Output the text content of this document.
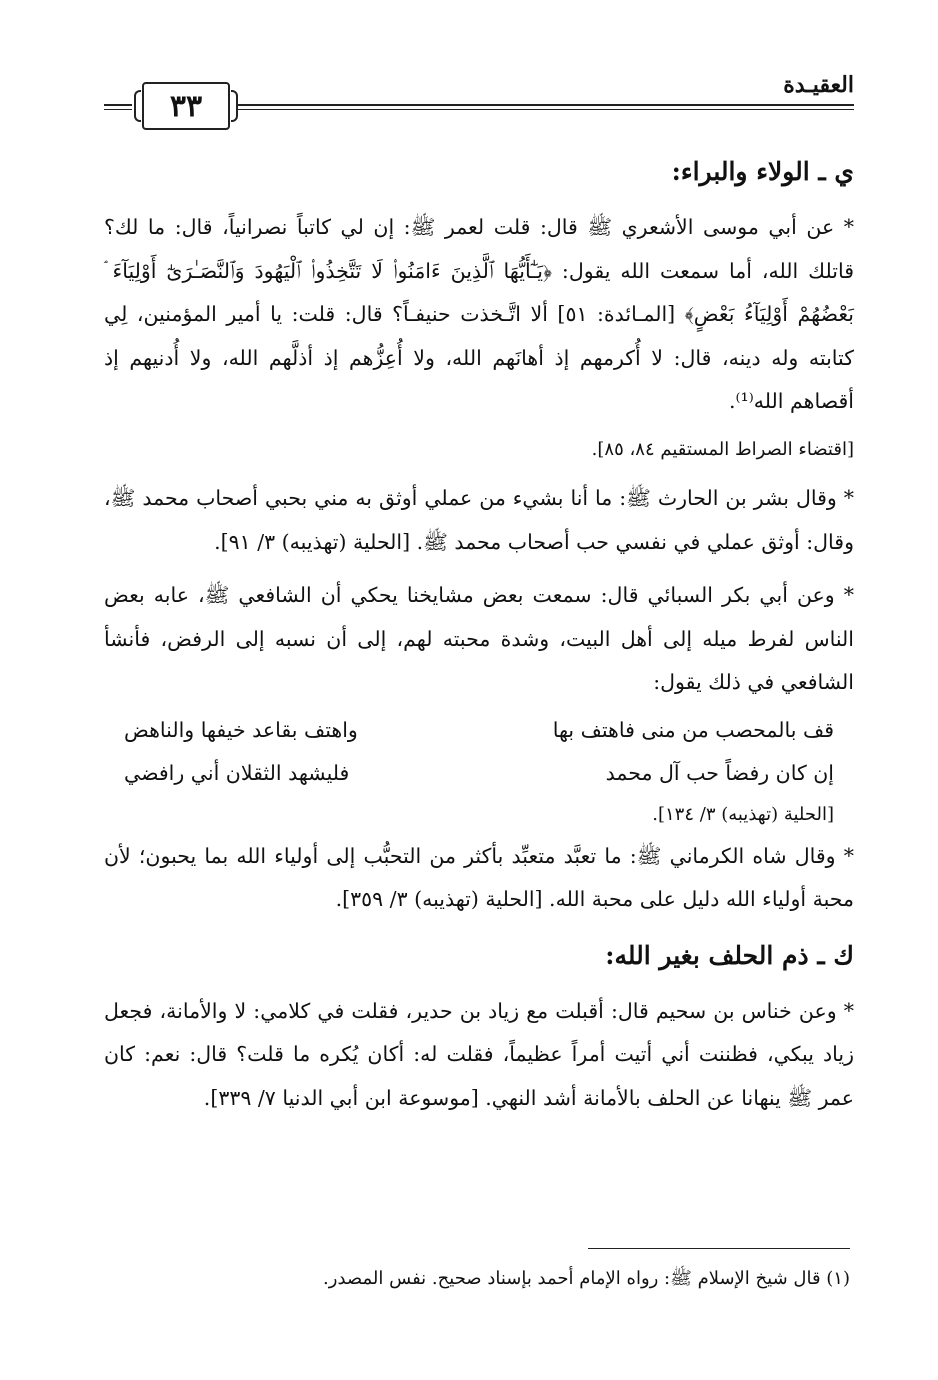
العقيـدة
٣٣
ي ـ الولاء والبراء:

* عن أبي موسى الأشعري ﷺ قال: قلت لعمر ﷺ: إن لي كاتباً نصرانياً، قال: ما لك؟ قاتلك الله، أما سمعت الله يقول: ﴿يَـٰٓأَيُّهَا ٱلَّذِينَ ءَامَنُوا۟ لَا تَتَّخِذُوا۟ ٱلْيَهُودَ وَٱلنَّصَـٰرَىٰٓ أَوْلِيَآءَ ۘ بَعْضُهُمْ أَوْلِيَآءُ بَعْضٍ﴾ [المـائدة: ٥١] ألا اتَّـخذت حنيفـاً؟ قال: قلت: يا أمير المؤمنين، لِي كتابته وله دينه، قال: لا أُكرمهم إذ أهانَهم الله، ولا أُعِزُّهم إذ أذلَّهم الله، ولا أُدنيهم إذ أقصاهم الله⁽¹⁾.

[اقتضاء الصراط المستقيم ٨٤، ٨٥].

* وقال بشر بن الحارث ﷺ: ما أنا بشيء من عملي أوثق به مني بحبي أصحاب محمد ﷺ، وقال: أوثق عملي في نفسي حب أصحاب محمد ﷺ. [الحلية (تهذيبه) ٣/ ٩١].

* وعن أبي بكر السبائي قال: سمعت بعض مشايخنا يحكي أن الشافعي ﷺ، عابه بعض الناس لفرط ميله إلى أهل البيت، وشدة محبته لهم، إلى أن نسبه إلى الرفض، فأنشأ الشافعي في ذلك يقول:

قف بالمحصب من منى فاهتف بها
واهتف بقاعد خيفها والناهض
إن كان رفضاً حب آل محمد
فليشهد الثقلان أني رافضي
[الحلية (تهذيبه) ٣/ ١٣٤].

* وقال شاه الكرماني ﷺ: ما تعبَّد متعبِّد بأكثر من التحبُّب إلى أولياء الله بما يحبون؛ لأن محبة أولياء الله دليل على محبة الله. [الحلية (تهذيبه) ٣/ ٣٥٩].

ك ـ ذم الحلف بغير الله:

* وعن خناس بن سحيم قال: أقبلت مع زياد بن حدير، فقلت في كلامي: لا والأمانة، فجعل زياد يبكي، فظننت أني أتيت أمراً عظيماً، فقلت له: أكان يُكره ما قلت؟ قال: نعم: كان عمر ﷺ ينهانا عن الحلف بالأمانة أشد النهي. [موسوعة ابن أبي الدنيا ٧/ ٣٣٩].

(١) قال شيخ الإسلام ﷺ: رواه الإمام أحمد بإسناد صحيح. نفس المصدر.
